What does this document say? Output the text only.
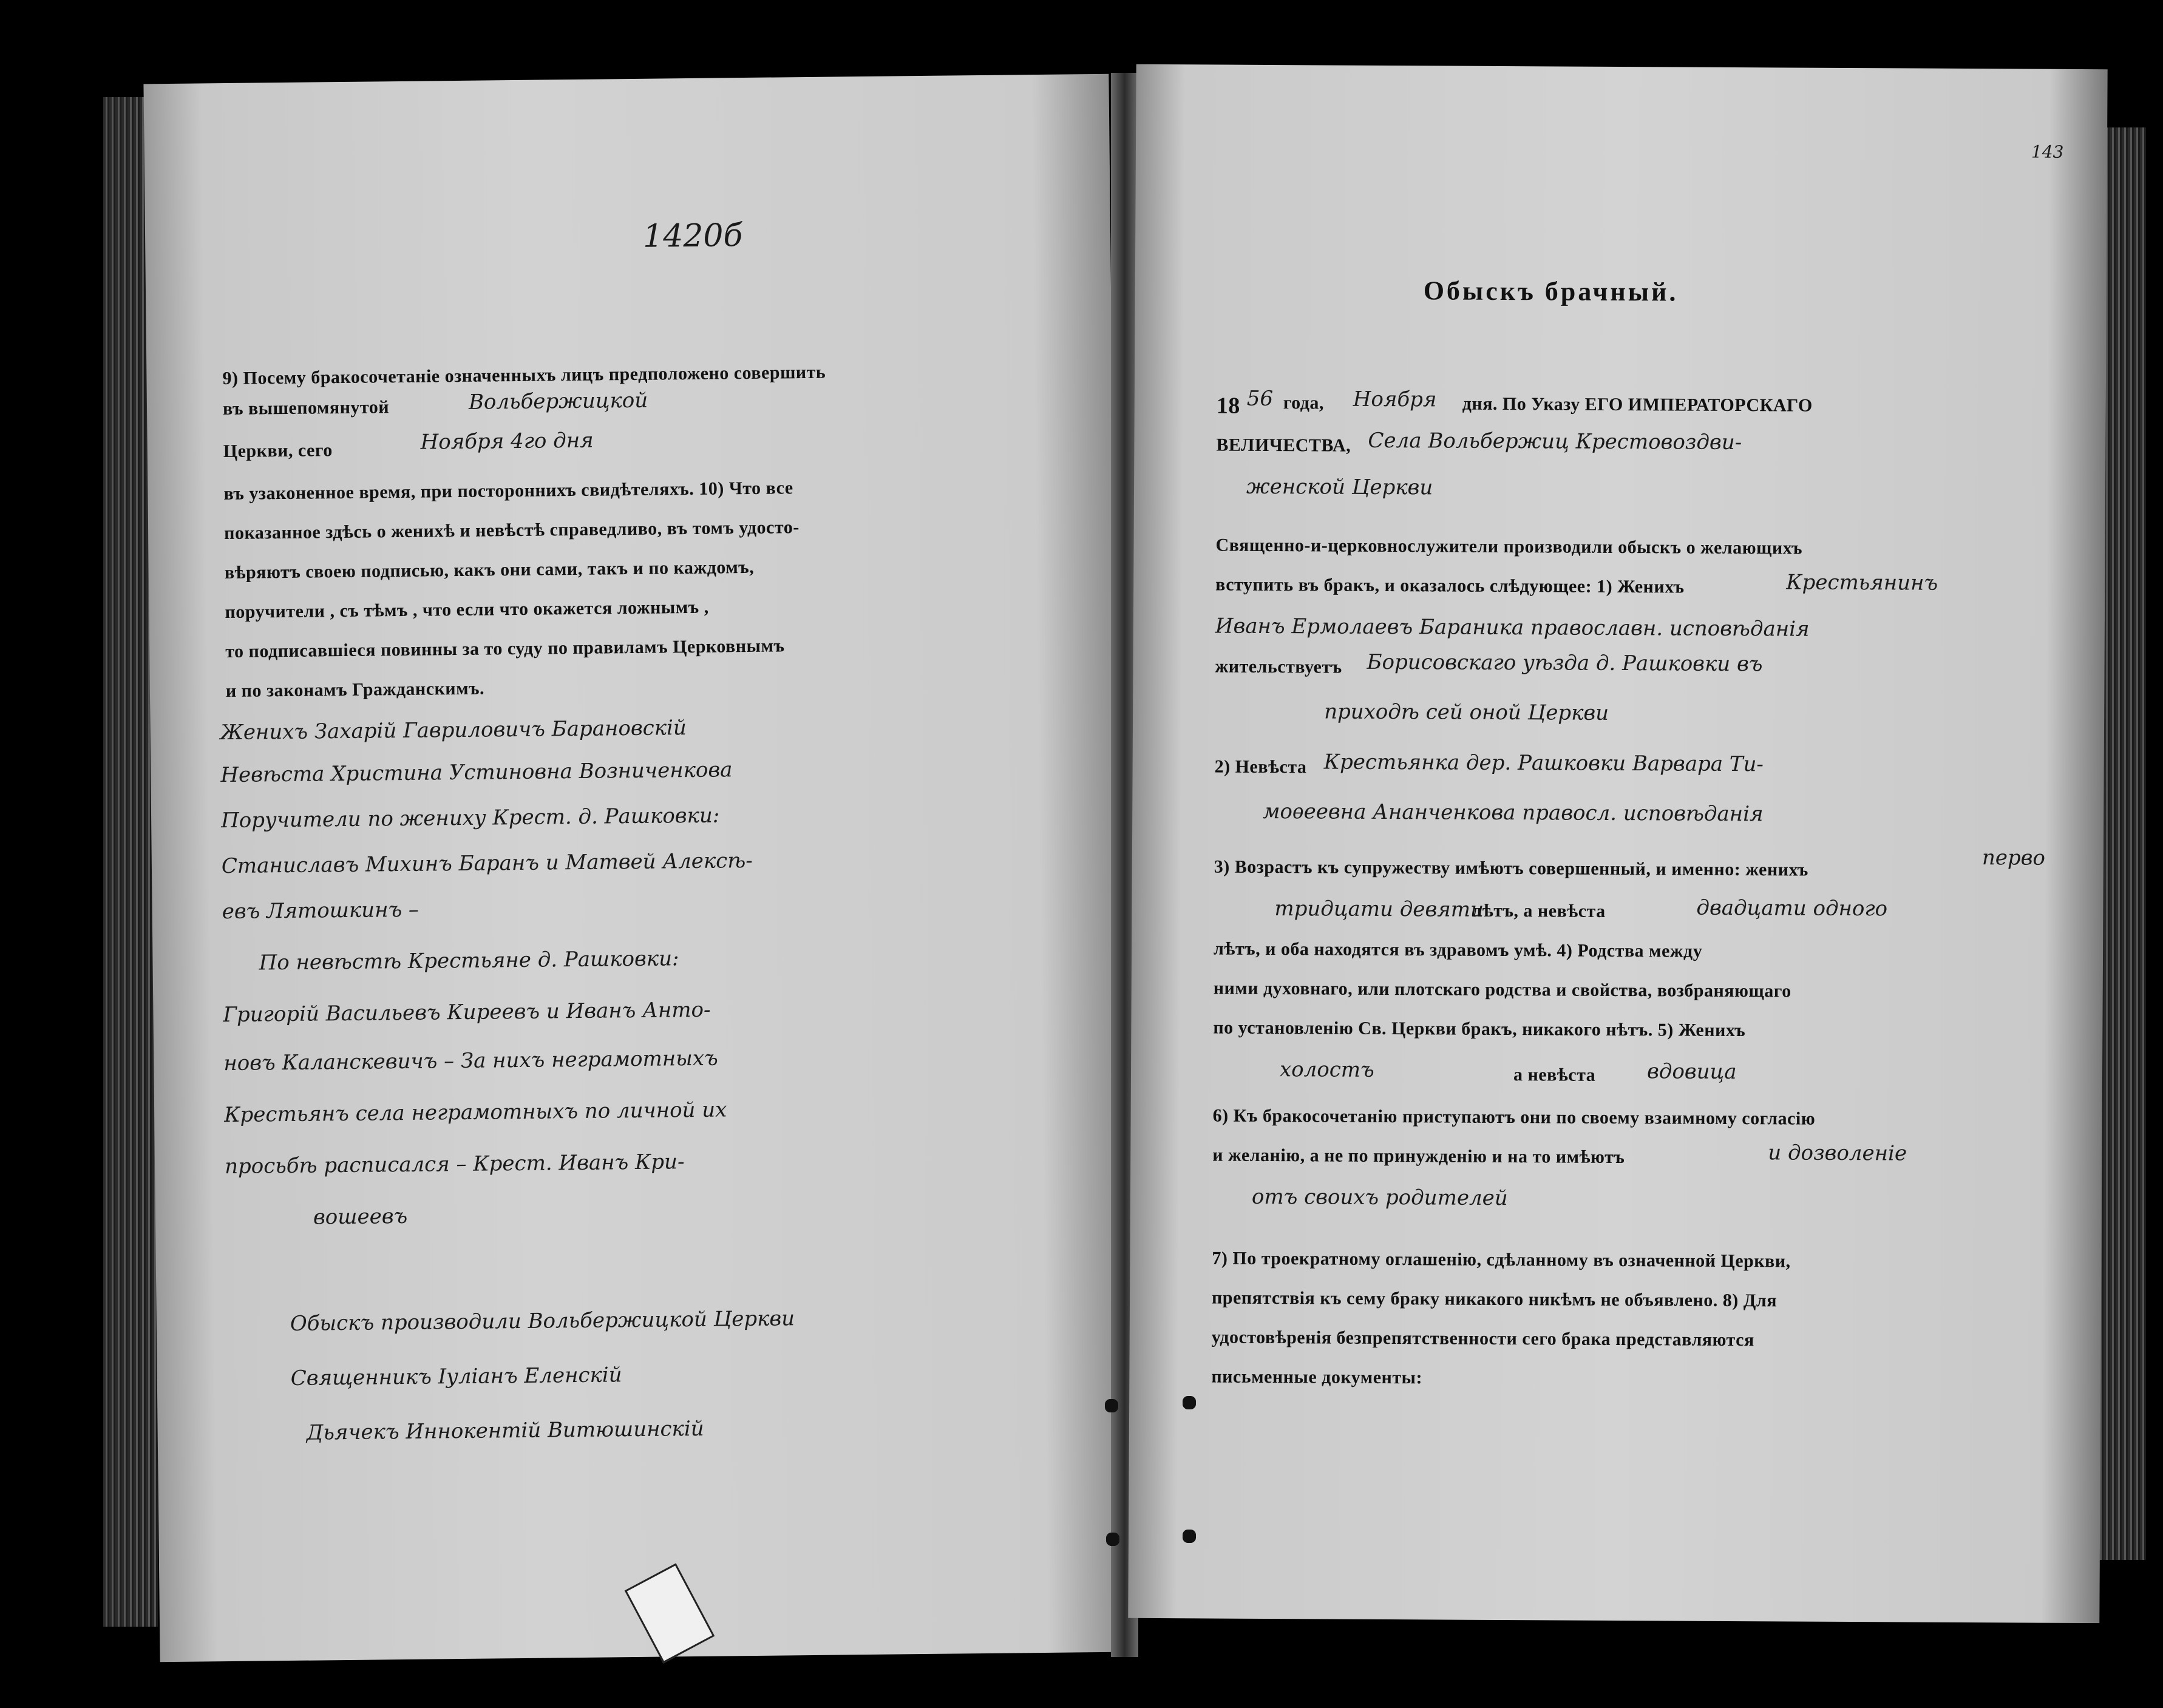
1420б
9) Посему бракосочетаніе означенныхъ лицъ предположено совершить
въ вышепомянутой	Вольбержицкой
Церкви, сего	Ноября 4го дня
въ узаконенное время, при постороннихъ свидѣтеляхъ. 10) Что все
показанное здѣсь о женихѣ и невѣстѣ справедливо, въ томъ удосто-
вѣряютъ своею подписью, какъ они сами, такъ и по каждомъ,
поручители , съ тѣмъ , что если что окажется ложнымъ ,
то подписавшіеся повинны за то суду по правиламъ Церковнымъ
и по законамъ Гражданскимъ.
Женихъ Захарій Гавриловичъ Барановскій
Невѣста Христина Устиновна Возниченкова
Поручители по жениху Крест. д. Рашковки:
Станиславъ Михинъ Баранъ и Матвей Алексѣ-
евъ Лятошкинъ –
По невѣстѣ Крестьяне д. Рашковки:
Григорій Васильевъ Киреевъ и Иванъ Анто-
новъ Каланскевичъ – За нихъ неграмотныхъ
Крестьянъ села неграмотныхъ по личной их
просьбѣ расписался – Крест. Иванъ Кри-
вошеевъ
Обыскъ производили Вольбержицкой Церкви
Священникъ Іуліанъ Еленскій
Дьячекъ Иннокентій Витюшинскій
143
Обыскъ брачный.
18 56 года, Ноября дня. По Указу ЕГО ИМПЕРАТОРСКАГО
ВЕЛИЧЕСТВА, Села Вольбержиц Крестовоздви-
женской Церкви
Священно-и-церковнослужители производили обыскъ о желающихъ
вступить въ бракъ, и оказалось слѣдующее: 1) Женихъ	Крестьянинъ
Иванъ Ермолаевъ Бараника православн. исповѣданія
жительствуетъ Борисовскаго уѣзда д. Рашковки въ
приходѣ сей оной Церкви
2) Невѣста Крестьянка дер. Рашковки Варвара Ти-
моѳеевна Ананченкова правосл. исповѣданія
3) Возрастъ къ супружеству имѣютъ совершенный, и именно: женихъ	перво
тридцати девяти
лѣтъ, а невѣста	двадцати одного
лѣтъ, и оба находятся въ здравомъ умѣ. 4) Родства между
ними духовнаго, или плотскаго родства и свойства, возбраняющаго
по установленію Св. Церкви бракъ, никакого нѣтъ. 5) Женихъ
холостъ	а невѣста вдовица
6) Къ бракосочетанію приступаютъ они по своему взаимному согласію
и желанію, а не по принужденію и на то имѣютъ	и дозволеніе
отъ своихъ родителей
7) По троекратному оглашенію, сдѣланному въ означенной Церкви,
препятствія къ сему браку никакого никѣмъ не объявлено. 8) Для
удостовѣренія безпрепятственности сего брака представляются
письменные документы:
